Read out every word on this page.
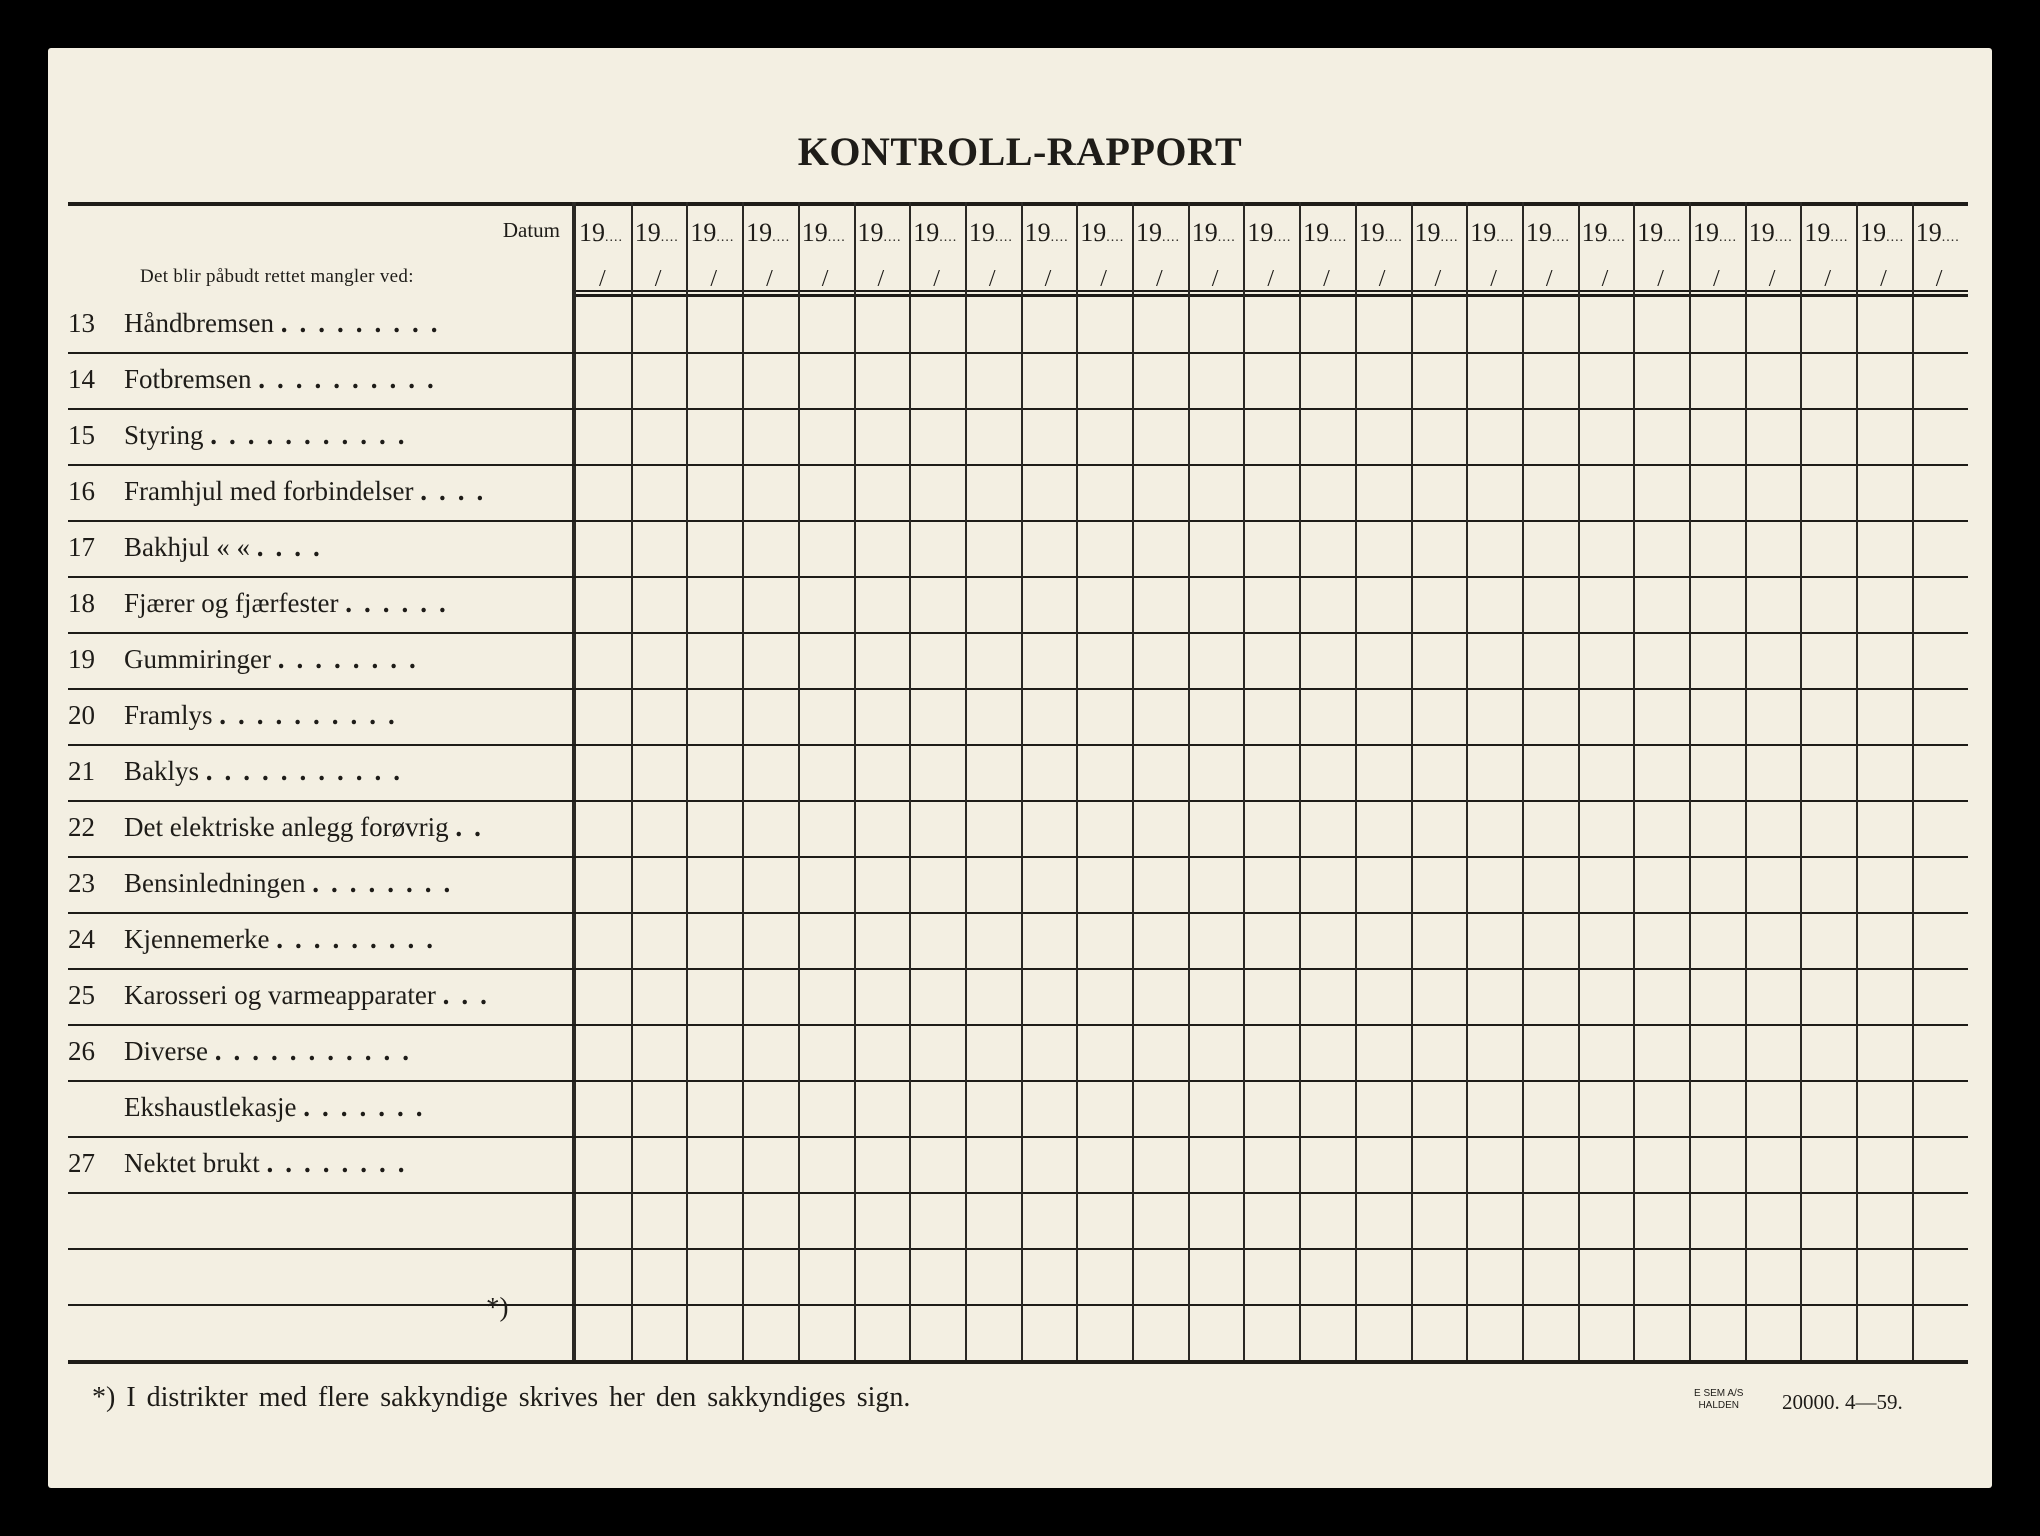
KONTROLL-RAPPORT
Datum
Det blir påbudt rettet mangler ved:
19....
/
19....
/
19....
/
19....
/
19....
/
19....
/
19....
/
19....
/
19....
/
19....
/
19....
/
19....
/
19....
/
19....
/
19....
/
19....
/
19....
/
19....
/
19....
/
19....
/
19....
/
19....
/
19....
/
19....
/
19....
/
13 Håndbremsen .........
14 Fotbremsen ..........
15 Styring ...........
16 Framhjul med forbindelser ....
17 Bakhjul « « ....
18 Fjærer og fjærfester ......
19 Gummiringer ........
20 Framlys ..........
21 Baklys ...........
22 Det elektriske anlegg forøvrig ..
23 Bensinledningen ........
24 Kjennemerke .........
25 Karosseri og varmeapparater ...
26 Diverse ...........
Ekshaustlekasje .......
27 Nektet brukt ........
*)
*) I distrikter med flere sakkyndige skrives her den sakkyndiges sign.	E SEM A/S
HALDEN 20000. 4—59.
